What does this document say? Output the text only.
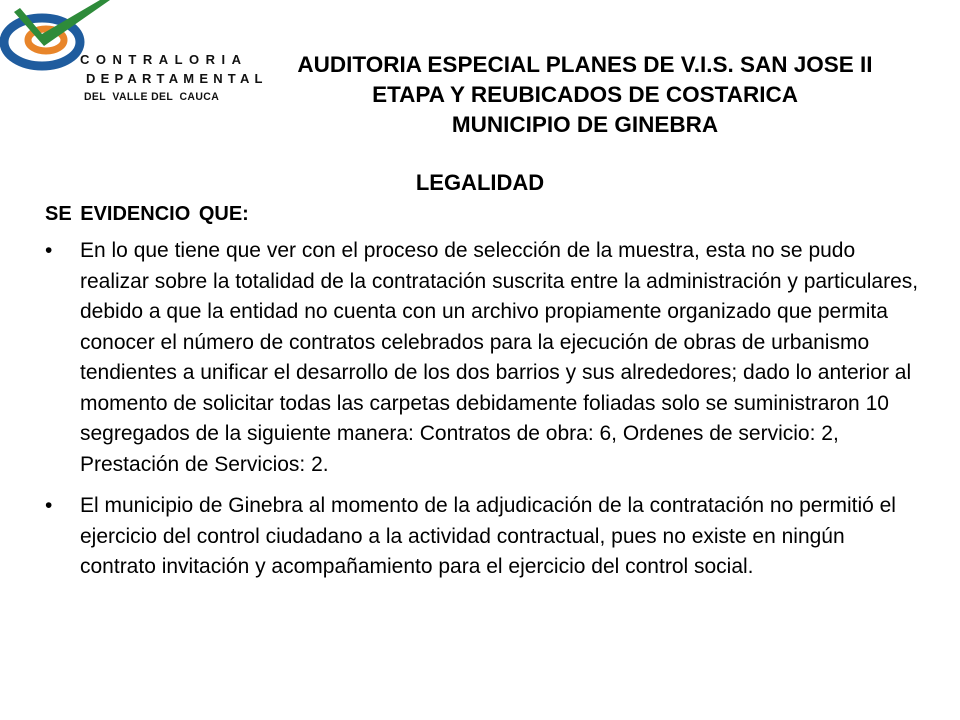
CONTRALORIA
DEPARTAMENTAL
DEL  VALLE DEL  CAUCA
AUDITORIA ESPECIAL PLANES DE V.I.S. SAN JOSE II
ETAPA Y REUBICADOS DE COSTARICA
MUNICIPIO DE GINEBRA
LEGALIDAD
SE EVIDENCIO QUE:
•	En lo que tiene que ver con el proceso de selección de la muestra, esta no se pudo realizar sobre la totalidad de la contratación suscrita entre la administración y particulares, debido a que la entidad no cuenta con un archivo propiamente organizado que permita conocer el número de contratos celebrados para la ejecución de obras de urbanismo tendientes a unificar el desarrollo de los dos barrios y sus alrededores; dado lo anterior al momento de solicitar todas las carpetas debidamente foliadas solo se suministraron 10 segregados de la siguiente manera: Contratos de obra: 6, Ordenes de servicio: 2, Prestación de Servicios: 2.
•	El municipio de Ginebra al momento de la adjudicación de la contratación no permitió el ejercicio del control ciudadano a la actividad contractual, pues no existe en ningún contrato invitación y acompañamiento para el ejercicio del control social.
